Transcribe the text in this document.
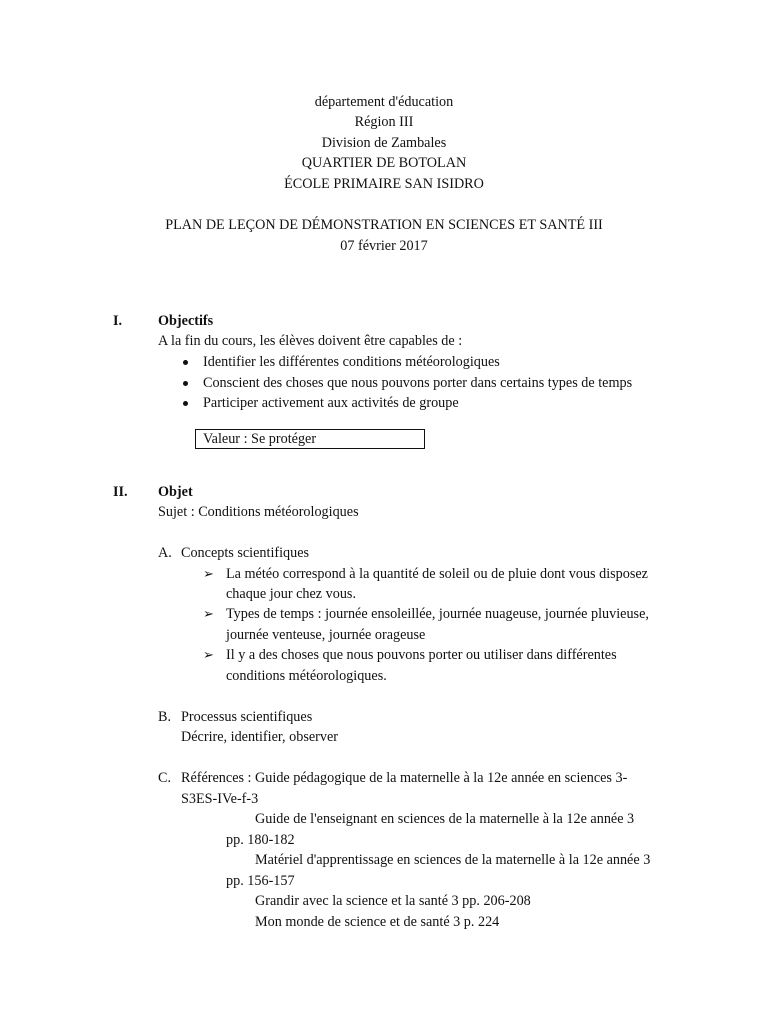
département d'éducation
Région III
Division de Zambales
QUARTIER DE BOTOLAN
ÉCOLE PRIMAIRE SAN ISIDRO
PLAN DE LEÇON DE DÉMONSTRATION EN SCIENCES ET SANTÉ III
07 février 2017
I.	Objectifs
A la fin du cours, les élèves doivent être capables de :
Identifier les différentes conditions météorologiques
Conscient des choses que nous pouvons porter dans certains types de temps
Participer activement aux activités de groupe
Valeur : Se protéger
II. Objet
Sujet : Conditions météorologiques
A. Concepts scientifiques
➢ La météo correspond à la quantité de soleil ou de pluie dont vous disposez
chaque jour chez vous.
➢ Types de temps : journée ensoleillée, journée nuageuse, journée pluvieuse,
journée venteuse, journée orageuse
➢ Il y a des choses que nous pouvons porter ou utiliser dans différentes
conditions météorologiques.
B. Processus scientifiques
Décrire, identifier, observer
C. Références : Guide pédagogique de la maternelle à la 12e année en sciences 3-
S3ES-IVe-f-3
Guide de l'enseignant en sciences de la maternelle à la 12e année 3
pp. 180-182
Matériel d'apprentissage en sciences de la maternelle à la 12e année 3
pp. 156-157
Grandir avec la science et la santé 3 pp. 206-208
Mon monde de science et de santé 3 p. 224
